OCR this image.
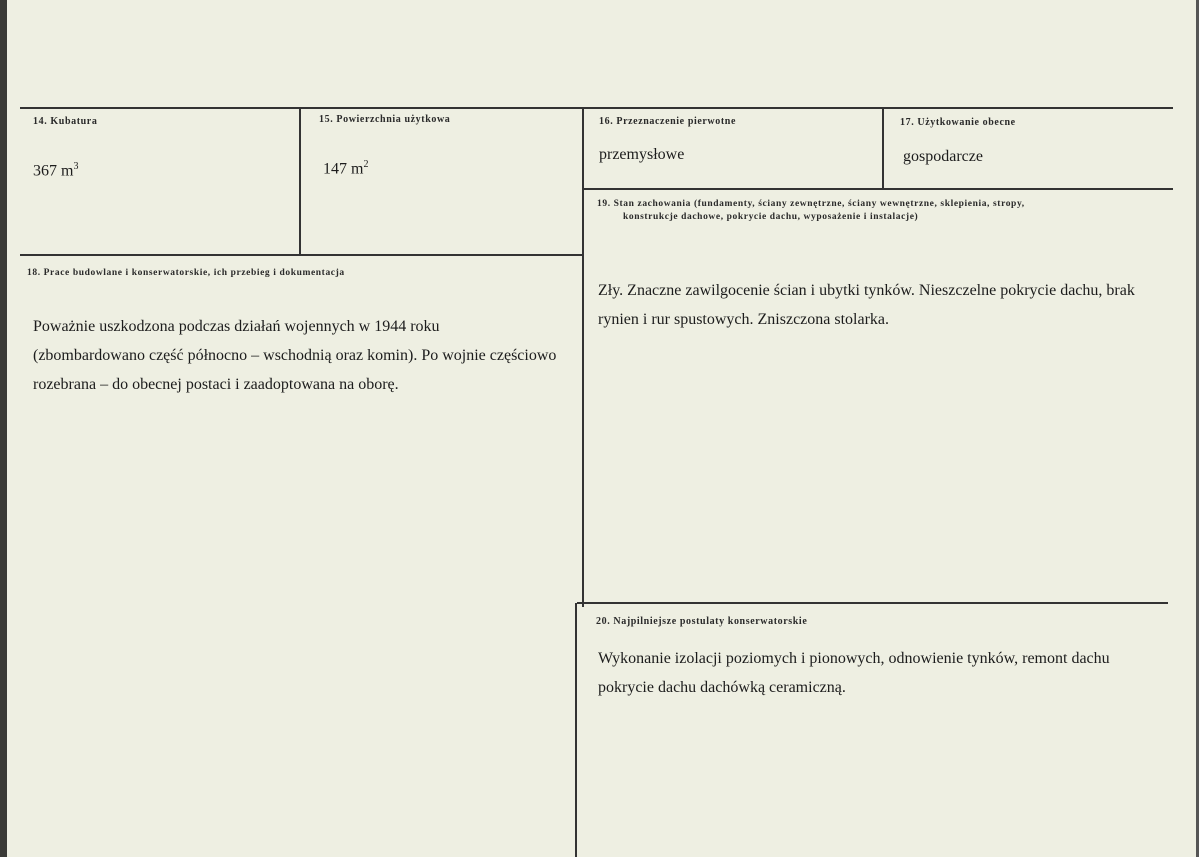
14. Kubatura
367 $m^3$
15. Powierzchnia użytkowa
147 $m^2$
16. Przeznaczenie pierwotne
przemysłowe
17. Użytkowanie obecne
gospodarcze
19. Stan zachowania (fundamenty, ściany zewnętrzne, ściany wewnętrzne, sklepienia, stropy,
konstrukcje dachowe, pokrycie dachu, wyposażenie i instalacje)
Zły. Znaczne zawilgocenie ścian i ubytki tynków. Nieszczelne pokrycie dachu, brak
rynien i rur spustowych. Zniszczona stolarka.
18. Prace budowlane i konserwatorskie, ich przebieg i dokumentacja
Poważnie uszkodzona podczas działań wojennych w 1944 roku
(zbombardowano część północno – wschodnią oraz komin). Po wojnie częściowo
rozebrana – do obecnej postaci i zaadoptowana na oborę.
20. Najpilniejsze postulaty konserwatorskie
Wykonanie izolacji poziomych i pionowych, odnowienie tynków, remont dachu
pokrycie dachu dachówką ceramiczną.
